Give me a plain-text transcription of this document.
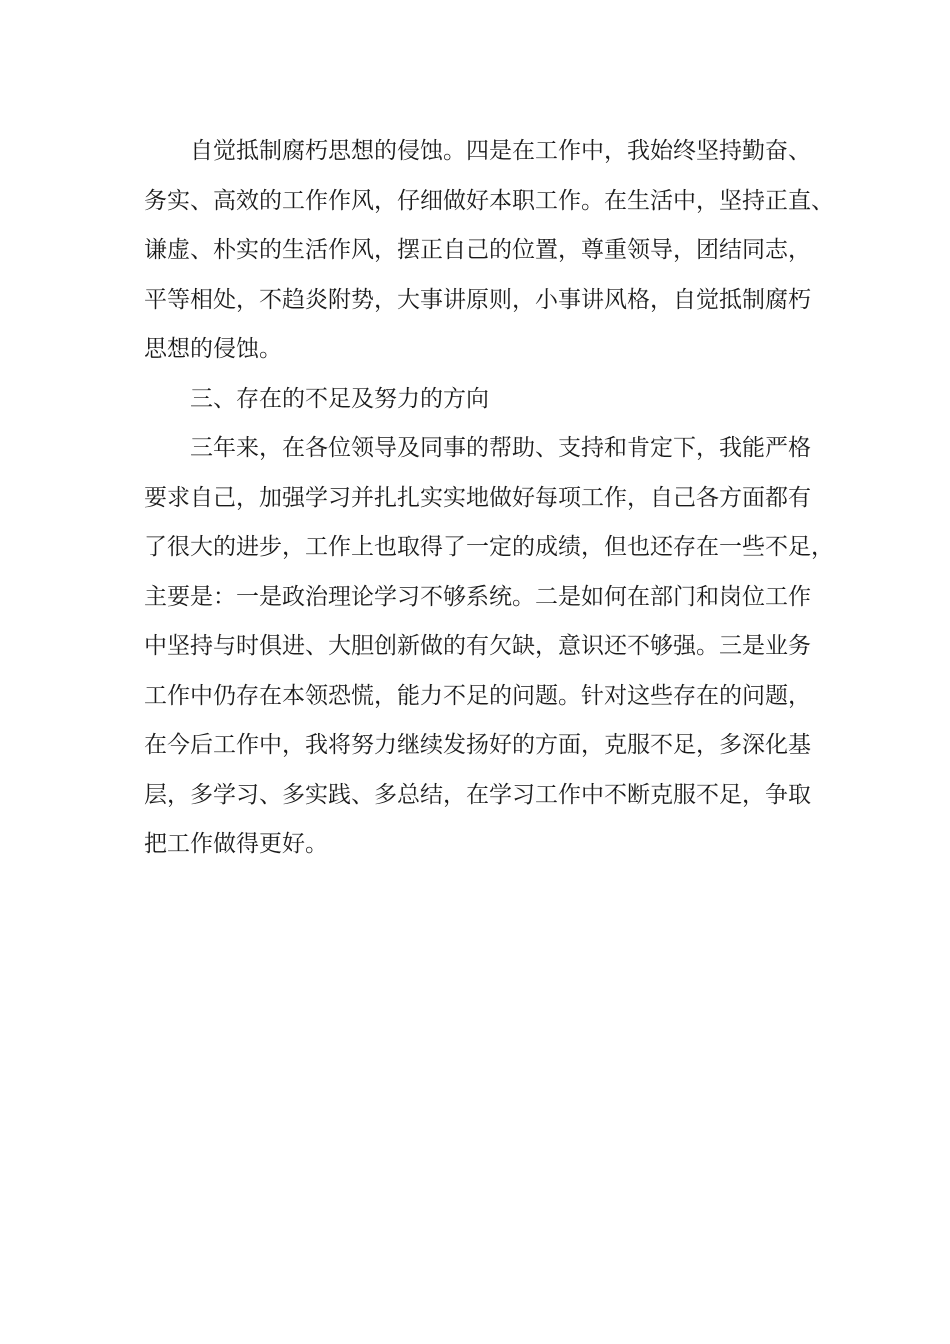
自觉抵制腐朽思想的侵蚀。四是在工作中，我始终坚持勤奋、
务实、高效的工作作风，仔细做好本职工作。在生活中，坚持正直、
谦虚、朴实的生活作风，摆正自己的位置，尊重领导，团结同志，
平等相处，不趋炎附势，大事讲原则，小事讲风格，自觉抵制腐朽
思想的侵蚀。
三、存在的不足及努力的方向
三年来，在各位领导及同事的帮助、支持和肯定下，我能严格
要求自己，加强学习并扎扎实实地做好每项工作，自己各方面都有
了很大的进步，工作上也取得了一定的成绩，但也还存在一些不足，
主要是：一是政治理论学习不够系统。二是如何在部门和岗位工作
中坚持与时俱进、大胆创新做的有欠缺，意识还不够强。三是业务
工作中仍存在本领恐慌，能力不足的问题。针对这些存在的问题，
在今后工作中，我将努力继续发扬好的方面，克服不足，多深化基
层，多学习、多实践、多总结，在学习工作中不断克服不足，争取
把工作做得更好。
